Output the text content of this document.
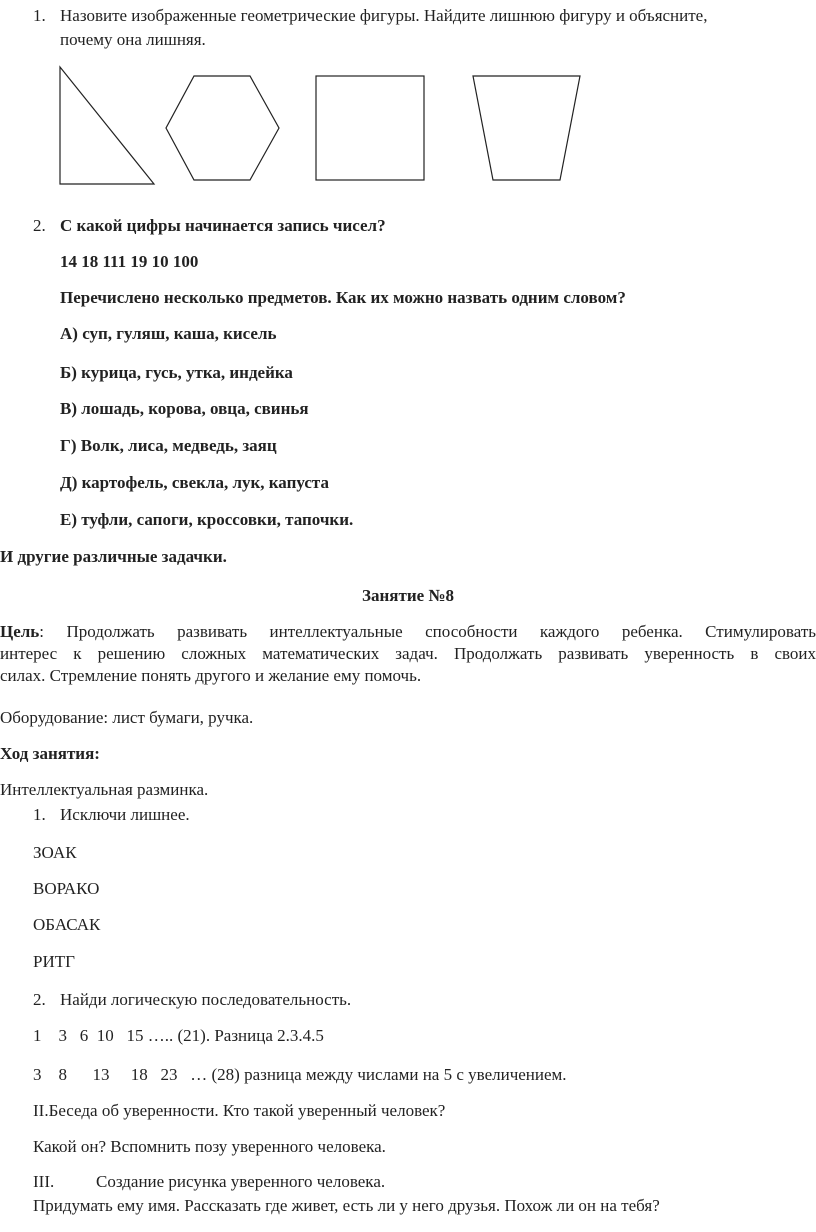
1. Назовите изображенные геометрические фигуры. Найдите лишнюю фигуру и объясните,
почему она лишняя.
2. С какой цифры начинается запись чисел?
14 18 111 19 10 100
Перечислено несколько предметов. Как их можно назвать одним словом?
А) суп, гуляш, каша, кисель
Б) курица, гусь, утка, индейка
В) лошадь, корова, овца, свинья
Г) Волк, лиса, медведь, заяц
Д) картофель, свекла, лук, капуста
Е) туфли, сапоги, кроссовки, тапочки.
И другие различные задачки.
Занятие №8
Цель: Продолжать развивать интеллектуальные способности каждого ребенка. Стимулировать
интерес к решению сложных математических задач. Продолжать развивать уверенность в своих
силах. Стремление понять другого и желание ему помочь.
Оборудование: лист бумаги, ручка.
Ход занятия:
Интеллектуальная разминка.
1. Исключи лишнее.
ЗОАК
ВОРАКО
ОБАСАК
РИТГ
2. Найди логическую последовательность.
1    3   6  10   15 ….. (21). Разница 2.3.4.5
3    8      13     18   23   … (28) разница между числами на 5 с увеличением.
II.Беседа об уверенности. Кто такой уверенный человек?
Какой он? Вспомнить позу уверенного человека.
III. Создание рисунка уверенного человека.
Придумать ему имя. Рассказать где живет, есть ли у него друзья. Похож ли он на тебя?
